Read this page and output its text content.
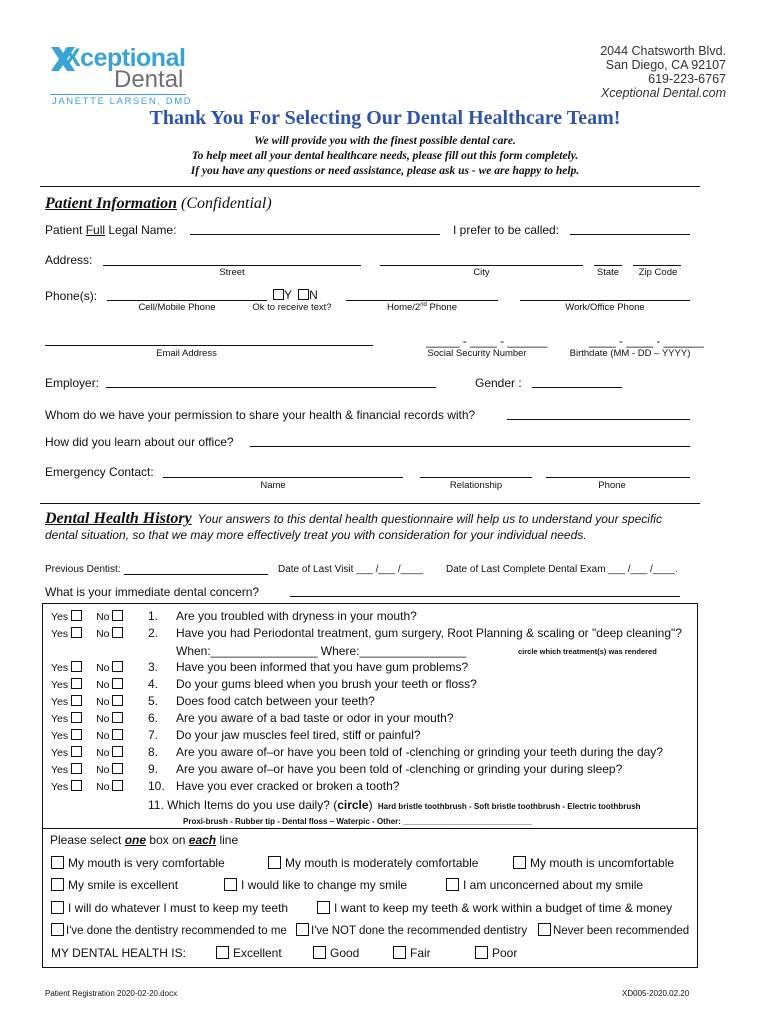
Xceptional
Dental
JANETTE LARSEN, DMD
2044 Chatsworth Blvd.
San Diego, CA 92107
619-223-6767
Xceptional Dental.com
Thank You For Selecting Our Dental Healthcare Team!
We will provide you with the finest possible dental care.
To help meet all your dental healthcare needs, please fill out this form completely.
If you have any questions or need assistance, please ask us - we are happy to help.
Patient Information (Confidential)
Patient Full Legal Name:	I prefer to be called:
Address:
Street	City	State	Zip Code
Phone(s):	Y N
Cell/Mobile Phone	Ok to receive text?	Home/2nd Phone	Work/Office Phone
Email Address
_____ - ____ - ______
Social Security Number
____ - ____ - ______
Birthdate (MM - DD – YYYY)
Employer:	Gender :
Whom do we have your permission to share your health & financial records with?
How did you learn about our office?
Emergency Contact:
Name	Relationship	Phone
Dental Health History Your answers to this dental health questionnaire will help us to understand your specific
dental situation, so that we may more effectively treat you with consideration for your individual needs.
Previous Dentist:	Date of Last Visit ___ /___ /____ Date of Last Complete Dental Exam ___ /___ /____.
What is your immediate dental concern?
Yes	No	1. Are you troubled with dryness in your mouth?
Yes	No	2. Have you had Periodontal treatment, gum surgery, Root Planning & scaling or "deep cleaning"?
Yes	No	3. Have you been informed that you have gum problems?
Yes	No	4. Do your gums bleed when you brush your teeth or floss?
Yes	No	5. Does food catch between your teeth?
Yes	No	6. Are you aware of a bad taste or odor in your mouth?
Yes	No	7. Do your jaw muscles feel tired, stiff or painful?
Yes	No	8. Are you aware of–or have you been told of -clenching or grinding your teeth during the day?
Yes	No	9. Are you aware of–or have you been told of -clenching or grinding your during sleep?
Yes	No	10. Have you ever cracked or broken a tooth?
When:________________ Where:________________	circle which treatment(s) was rendered
11. Which Items do you use daily? (circle) Hard bristle toothbrush - Soft bristle toothbrush - Electric toothbrush
Proxi-brush - Rubber tip - Dental floss – Waterpic - Other: _____________________________
Please select one box on each line
My mouth is very comfortable	My mouth is moderately comfortable	My mouth is uncomfortable
My smile is excellent	I would like to change my smile	I am unconcerned about my smile
I will do whatever I must to keep my teeth	I want to keep my teeth & work within a budget of time & money
I've done the dentistry recommended to me	I've NOT done the recommended dentistry	Never been recommended
MY DENTAL HEALTH IS:	Excellent	Good	Fair	Poor
Patient Registration 2020-02-20.docx	XD005-2020.02.20
